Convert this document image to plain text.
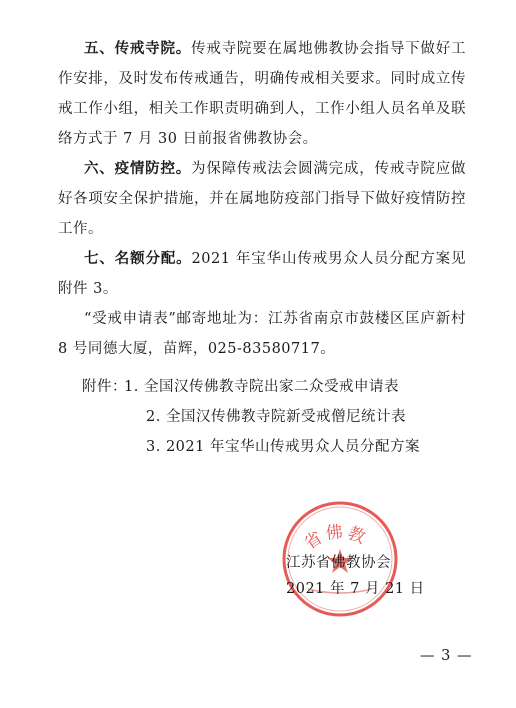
五、传戒寺院。传戒寺院要在属地佛教协会指导下做好工作安排，及时发布传戒通告，明确传戒相关要求。同时成立传戒工作小组，相关工作职责明确到人，工作小组人员名单及联络方式于 7 月 30 日前报省佛教协会。

六、疫情防控。为保障传戒法会圆满完成，传戒寺院应做好各项安全保护措施，并在属地防疫部门指导下做好疫情防控工作。

七、名额分配。2021 年宝华山传戒男众人员分配方案见附件 3。

“受戒申请表”邮寄地址为：江苏省南京市鼓楼区匡庐新村 8 号同德大厦，苗辉，025-83580717。

附件：
1. 全国汉传佛教寺院出家二众受戒申请表
2. 全国汉传佛教寺院新受戒僧尼统计表
3. 2021 年宝华山传戒男众人员分配方案
省佛教
江苏省佛教协会
2021 年 7 月 21 日
— 3 —
